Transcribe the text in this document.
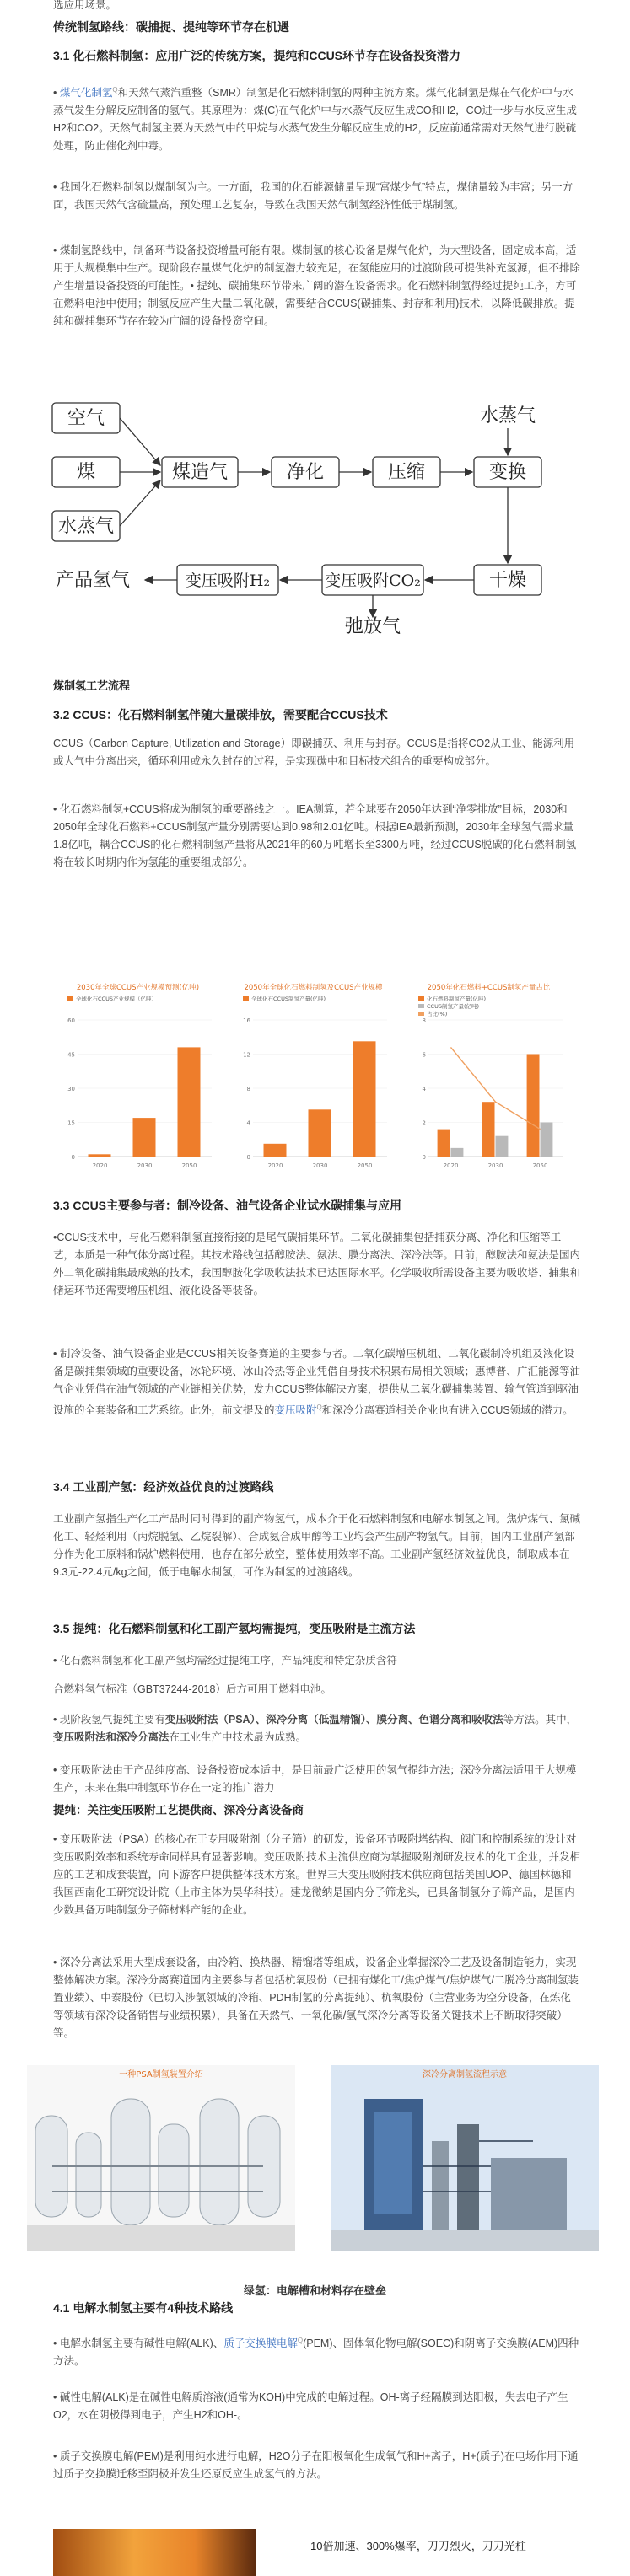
选应用场景。

传统制氢路线：碳捕捉、提纯等环节存在机遇

3.1 化石燃料制氢：应用广泛的传统方案，提纯和CCUS环节存在设备投资潜力

• 煤气化制氢$^Q$和天然气蒸汽重整（SMR）制氢是化石燃料制氢的两种主流方案。煤气化制氢是煤在气化炉中与水蒸气发生分解反应制备的氢气。其原理为：煤(C)在气化炉中与水蒸气反应生成CO和H2，CO进一步与水反应生成H2和CO2。天然气制氢主要为天然气中的甲烷与水蒸气发生分解反应生成的H2，反应前通常需对天然气进行脱硫处理，防止催化剂中毒。

• 我国化石燃料制氢以煤制氢为主。一方面，我国的化石能源储量呈现“富煤少气”特点，煤储量较为丰富；另一方面，我国天然气含硫量高，预处理工艺复杂，导致在我国天然气制氢经济性低于煤制氢。

• 煤制氢路线中，制备环节设备投资增量可能有限。煤制氢的核心设备是煤气化炉，为大型设备，固定成本高，适用于大规模集中生产。现阶段存量煤气化炉的制氢潜力较充足，在氢能应用的过渡阶段可提供补充氢源，但不排除产生增量设备投资的可能性。• 提纯、碳捕集环节带来广阔的潜在设备需求。化石燃料制氢得经过提纯工序，方可在燃料电池中使用；制氢反应产生大量二氧化碳，需要结合CCUS(碳捕集、封存和利用)技术，以降低碳排放。提纯和碳捕集环节存在较为广阔的设备投资空间。

空气
煤
水蒸气
煤造气	净化	压缩	变换
水蒸气
干燥
变压吸附CO₂
变压吸附H₂
产品氢气
弛放气

煤制氢工艺流程

3.2 CCUS：化石燃料制氢伴随大量碳排放，需要配合CCUS技术

CCUS（Carbon Capture, Utilization and Storage）即碳捕获、利用与封存。CCUS是指将CO2从工业、能源利用或大气中分离出来，循环利用或永久封存的过程，是实现碳中和目标技术组合的重要构成部分。

• 化石燃料制氢+CCUS将成为制氢的重要路线之一。IEA测算，若全球要在2050年达到“净零排放”目标，2030和2050年全球化石燃料+CCUS制氢产量分别需要达到0.98和2.01亿吨。根据IEA最新预测，2030年全球氢气需求量1.8亿吨，耦合CCUS的化石燃料制氢产量将从2021年的60万吨增长至3300万吨，经过CCUS脱碳的化石燃料制氢将在较长时期内作为氢能的重要组成部分。

2030年全球CCUS产业规模预测(亿吨)
全球化石CCUS产业规模（亿吨）
0
15
30
45
60
2020	2030	2050
2050年全球化石燃料制氢及CCUS产业规模
全球化石CCUS制氢产量(亿吨)
0
4
8
12
16
2020	2030	2050
2050年化石燃料+CCUS制氢产量占比
化石燃料制氢产量(亿吨)
CCUS制氢产量(亿吨)
占比(%)
0
2
4
6
8
2020	2030	2050

3.3 CCUS主要参与者：制冷设备、油气设备企业试水碳捕集与应用

•CCUS技术中，与化石燃料制氢直接衔接的是尾气碳捕集环节。二氧化碳捕集包括捕获分离、净化和压缩等工艺，本质是一种气体分离过程。其技术路线包括醇胺法、氨法、膜分离法、深冷法等。目前，醇胺法和氨法是国内外二氧化碳捕集最成熟的技术，我国醇胺化学吸收法技术已达国际水平。化学吸收所需设备主要为吸收塔、捕集和储运环节还需要增压机组、液化设备等装备。

• 制冷设备、油气设备企业是CCUS相关设备赛道的主要参与者。二氧化碳增压机组、二氧化碳制冷机组及液化设备是碳捕集领域的重要设备，冰轮环境、冰山冷热等企业凭借自身技术积累布局相关领域；惠博普、广汇能源等油气企业凭借在油气领域的产业链相关优势，发力CCUS整体解决方案，提供从二氧化碳捕集装置、输气管道到驱油设施的全套装备和工艺系统。此外，前文提及的变压吸附$^Q$和深冷分离赛道相关企业也有进入CCUS领域的潜力。

3.4 工业副产氢：经济效益优良的过渡路线

工业副产氢指生产化工产品时同时得到的副产物氢气，成本介于化石燃料制氢和电解水制氢之间。焦炉煤气、氯碱化工、轻烃利用（丙烷脱氢、乙烷裂解）、合成氨合成甲醇等工业均会产生副产物氢气。目前，国内工业副产氢部分作为化工原料和锅炉燃料使用，也存在部分放空，整体使用效率不高。工业副产氢经济效益优良，制取成本在9.3元-22.4元/kg之间，低于电解水制氢，可作为制氢的过渡路线。

3.5 提纯：化石燃料制氢和化工副产氢均需提纯，变压吸附是主流方法

• 化石燃料制氢和化工副产氢均需经过提纯工序，产品纯度和特定杂质含符

合燃料氢气标准（GBT37244-2018）后方可用于燃料电池。

• 现阶段氢气提纯主要有变压吸附法（PSA）、深冷分离（低温精馏）、膜分离、色谱分离和吸收法等方法。其中，变压吸附法和深冷分离法在工业生产中技术最为成熟。

• 变压吸附法由于产品纯度高、设备投资成本适中，是目前最广泛使用的氢气提纯方法；深冷分离法适用于大规模生产，未来在集中制氢环节存在一定的推广潜力

提纯：关注变压吸附工艺提供商、深冷分离设备商

• 变压吸附法（PSA）的核心在于专用吸附剂（分子筛）的研发，设备环节吸附塔结构、阀门和控制系统的设计对变压吸附效率和系统寿命同样具有显著影响。变压吸附技术主流供应商为掌握吸附剂研发技术的化工企业，并发相应的工艺和成套装置，向下游客户提供整体技术方案。世界三大变压吸附技术供应商包括美国UOP、德国林德和我国西南化工研究设计院（上市主体为昊华科技）。建龙微纳是国内分子筛龙头，已具备制氢分子筛产品，是国内少数具备万吨制氢分子筛材料产能的企业。

• 深冷分离法采用大型成套设备，由冷箱、换热器、精馏塔等组成，设备企业掌握深冷工艺及设备制造能力，实现整体解决方案。深冷分离赛道国内主要参与者包括杭氧股份（已拥有煤化工/焦炉煤气/焦炉煤气/二脱冷分离制氢装置业绩）、中泰股份（已切入涉氢领域的冷箱、PDH制氢的分离提纯）、杭氧股份（主营业务为空分设备，在炼化等领域有深冷设备销售与业绩积累），具备在天然气、一氧化碳/氢气深冷分离等设备关键技术上不断取得突破）等。

一种PSA制氢装置介绍	深冷分离制氢流程示意

绿氢：电解槽和材料存在壁垒

4.1 电解水制氢主要有4种技术路线

• 电解水制氢主要有碱性电解(ALK)、质子交换膜电解$^Q$(PEM)、固体氧化物电解(SOEC)和阴离子交换膜(AEM)四种方法。

• 碱性电解(ALK)是在碱性电解质溶液(通常为KOH)中完成的电解过程。OH-离子经隔膜到达阳极，失去电子产生O2，水在阴极得到电子，产生H2和OH-。

• 质子交换膜电解(PEM)是利用纯水进行电解，H2O分子在阳极氧化生成氧气和H+离子，H+(质子)在电场作用下通过质子交换膜迁移至阴极并发生还原反应生成氢气的方法。

10倍加速、300%爆率，刀刀烈火，刀刀光柱
